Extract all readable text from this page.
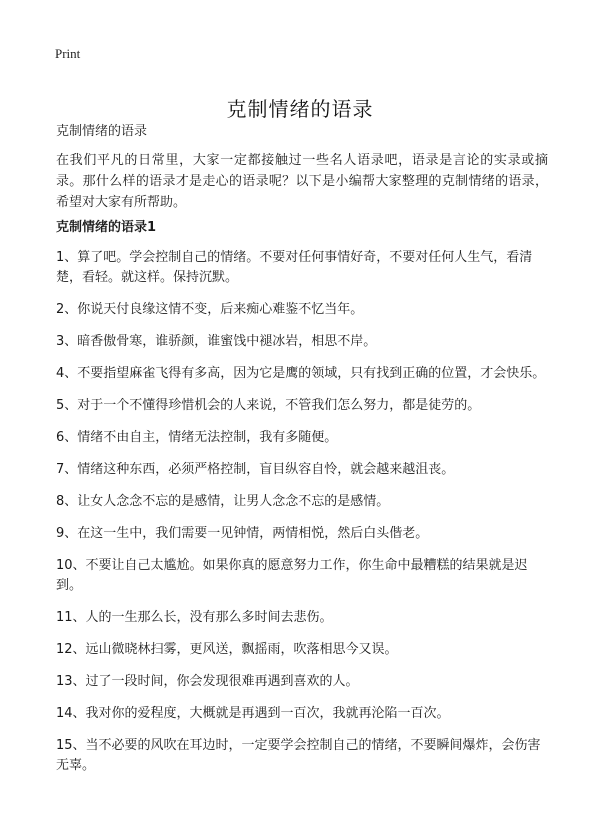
Print
克制情绪的语录
克制情绪的语录

在我们平凡的日常里，大家一定都接触过一些名人语录吧，语录是言论的实录或摘录。那什么样的语录才是走心的语录呢？以下是小编帮大家整理的克制情绪的语录，希望对大家有所帮助。

克制情绪的语录1
1、算了吧。学会控制自己的情绪。不要对任何事情好奇，不要对任何人生气，看清楚，看轻。就这样。保持沉默。
2、你说天付良缘这情不变，后来痴心难鉴不忆当年。
3、暗香傲骨寒，谁骄颜，谁蜜饯中褪冰岩，相思不岸。
4、不要指望麻雀飞得有多高，因为它是鹰的领域，只有找到正确的位置，才会快乐。
5、对于一个不懂得珍惜机会的人来说，不管我们怎么努力，都是徒劳的。
6、情绪不由自主，情绪无法控制，我有多随便。
7、情绪这种东西，必须严格控制，盲目纵容自怜，就会越来越沮丧。
8、让女人念念不忘的是感情，让男人念念不忘的是感情。
9、在这一生中，我们需要一见钟情，两情相悦，然后白头偕老。
10、不要让自己太尴尬。如果你真的愿意努力工作，你生命中最糟糕的结果就是迟到。
11、人的一生那么长，没有那么多时间去悲伤。
12、远山微晓林扫雾，更风送，飘摇雨，吹落相思今又误。
13、过了一段时间，你会发现很难再遇到喜欢的人。
14、我对你的爱程度，大概就是再遇到一百次，我就再沦陷一百次。
15、当不必要的风吹在耳边时，一定要学会控制自己的情绪，不要瞬间爆炸，会伤害无辜。
